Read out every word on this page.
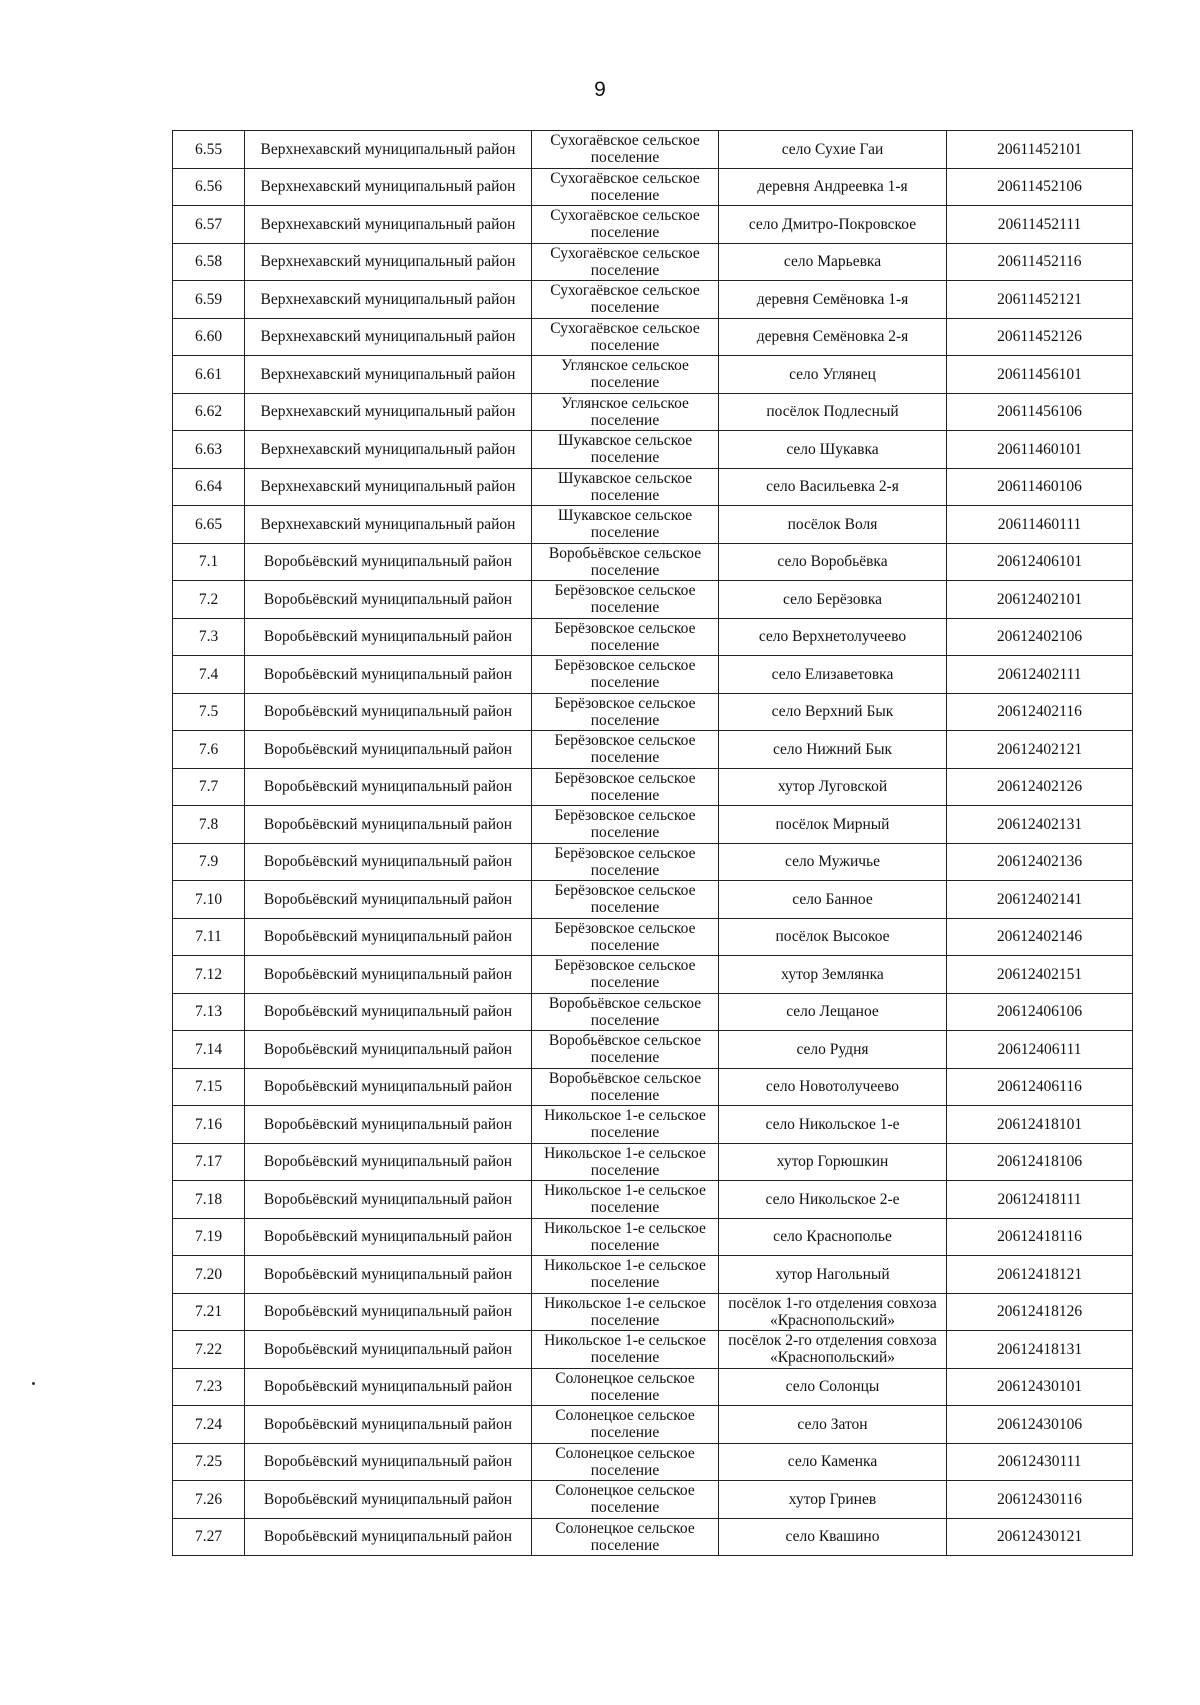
9
6.55	Верхнехавский муниципальный район	Сухогаёвское сельское поселение	село Сухие Гаи	20611452101
6.56	Верхнехавский муниципальный район	Сухогаёвское сельское поселение	деревня Андреевка 1-я	20611452106
6.57	Верхнехавский муниципальный район	Сухогаёвское сельское поселение	село Дмитро-Покровское	20611452111
6.58	Верхнехавский муниципальный район	Сухогаёвское сельское поселение	село Марьевка	20611452116
6.59	Верхнехавский муниципальный район	Сухогаёвское сельское поселение	деревня Семёновка 1-я	20611452121
6.60	Верхнехавский муниципальный район	Сухогаёвское сельское поселение	деревня Семёновка 2-я	20611452126
6.61	Верхнехавский муниципальный район	Углянское сельское поселение	село Углянец	20611456101
6.62	Верхнехавский муниципальный район	Углянское сельское поселение	посёлок Подлесный	20611456106
6.63	Верхнехавский муниципальный район	Шукавское сельское поселение	село Шукавка	20611460101
6.64	Верхнехавский муниципальный район	Шукавское сельское поселение	село Васильевка 2-я	20611460106
6.65	Верхнехавский муниципальный район	Шукавское сельское поселение	посёлок Воля	20611460111
7.1	Воробьёвский муниципальный район	Воробьёвское сельское поселение	село Воробьёвка	20612406101
7.2	Воробьёвский муниципальный район	Берёзовское сельское поселение	село Берёзовка	20612402101
7.3	Воробьёвский муниципальный район	Берёзовское сельское поселение	село Верхнетолучеево	20612402106
7.4	Воробьёвский муниципальный район	Берёзовское сельское поселение	село Елизаветовка	20612402111
7.5	Воробьёвский муниципальный район	Берёзовское сельское поселение	село Верхний Бык	20612402116
7.6	Воробьёвский муниципальный район	Берёзовское сельское поселение	село Нижний Бык	20612402121
7.7	Воробьёвский муниципальный район	Берёзовское сельское поселение	хутор Луговской	20612402126
7.8	Воробьёвский муниципальный район	Берёзовское сельское поселение	посёлок Мирный	20612402131
7.9	Воробьёвский муниципальный район	Берёзовское сельское поселение	село Мужичье	20612402136
7.10	Воробьёвский муниципальный район	Берёзовское сельское поселение	село Банное	20612402141
7.11	Воробьёвский муниципальный район	Берёзовское сельское поселение	посёлок Высокое	20612402146
7.12	Воробьёвский муниципальный район	Берёзовское сельское поселение	хутор Землянка	20612402151
7.13	Воробьёвский муниципальный район	Воробьёвское сельское поселение	село Лещаное	20612406106
7.14	Воробьёвский муниципальный район	Воробьёвское сельское поселение	село Рудня	20612406111
7.15	Воробьёвский муниципальный район	Воробьёвское сельское поселение	село Новотолучеево	20612406116
7.16	Воробьёвский муниципальный район	Никольское 1-е сельское поселение	село Никольское 1-е	20612418101
7.17	Воробьёвский муниципальный район	Никольское 1-е сельское поселение	хутор Горюшкин	20612418106
7.18	Воробьёвский муниципальный район	Никольское 1-е сельское поселение	село Никольское 2-е	20612418111
7.19	Воробьёвский муниципальный район	Никольское 1-е сельское поселение	село Краснополье	20612418116
7.20	Воробьёвский муниципальный район	Никольское 1-е сельское поселение	хутор Нагольный	20612418121
7.21	Воробьёвский муниципальный район	Никольское 1-е сельское поселение	посёлок 1-го отделения совхоза «Краснопольский»	20612418126
7.22	Воробьёвский муниципальный район	Никольское 1-е сельское поселение	посёлок 2-го отделения совхоза «Краснопольский»	20612418131
7.23	Воробьёвский муниципальный район	Солонецкое сельское поселение	село Солонцы	20612430101
7.24	Воробьёвский муниципальный район	Солонецкое сельское поселение	село Затон	20612430106
7.25	Воробьёвский муниципальный район	Солонецкое сельское поселение	село Каменка	20612430111
7.26	Воробьёвский муниципальный район	Солонецкое сельское поселение	хутор Гринев	20612430116
7.27	Воробьёвский муниципальный район	Солонецкое сельское поселение	село Квашино	20612430121
